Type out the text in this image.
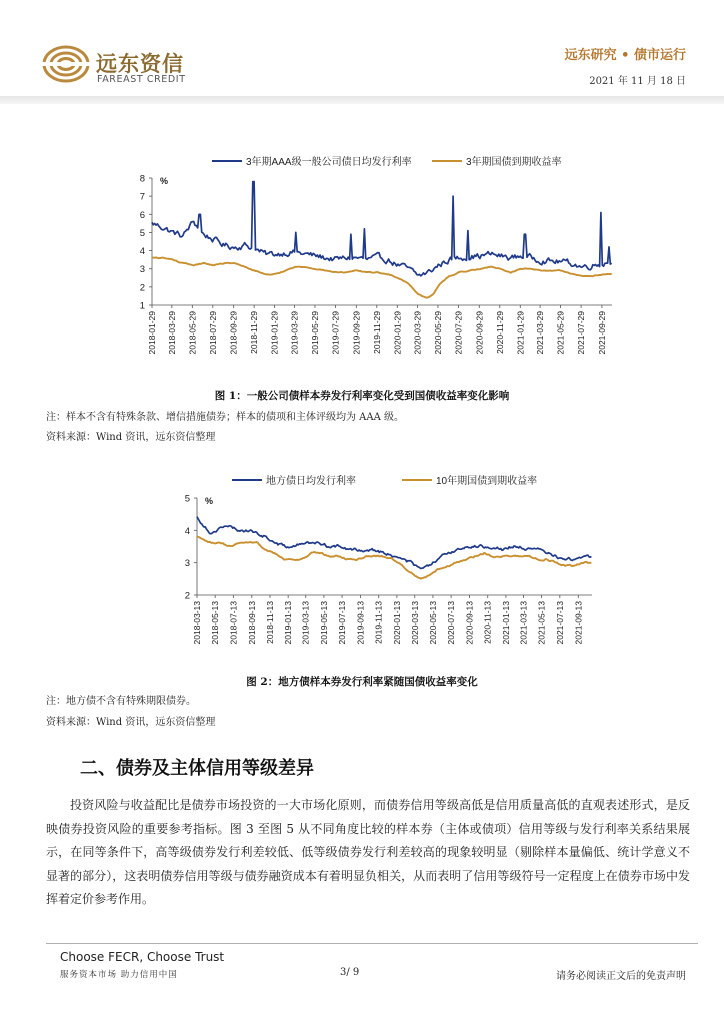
远东资信
FAREAST CREDIT
远东研究 • 债市运行
2021 年 11 月 18 日
3年期AAA级一般公司债日均发行利率	3年期国债到期收益率
%
1
2
3
4
5
6
7
8
2018-01-29 2018-03-29 2018-05-29 2018-07-29 2018-09-29 2018-11-29 2019-01-29 2019-03-29 2019-05-29 2019-07-29 2019-09-29 2019-11-29 2020-01-29 2020-03-29 2020-05-29 2020-07-29 2020-09-29 2020-11-29 2021-01-29 2021-03-29 2021-05-29 2021-07-29 2021-09-29
图 1：一般公司债样本券发行利率变化受到国债收益率变化影响
注：样本不含有特殊条款、增信措施债券；样本的债项和主体评级均为 AAA 级。
资料来源：Wind 资讯，远东资信整理
地方债日均发行利率	10年期国债到期收益率
%
2
3
4
5
2018-03-13 2018-05-13 2018-07-13 2018-09-13 2018-11-13 2019-01-13 2019-03-13 2019-05-13 2019-07-13 2019-09-13 2019-11-13 2020-01-13 2020-03-13 2020-05-13 2020-07-13 2020-09-13 2020-11-13 2021-01-13 2021-03-13 2021-05-13 2021-07-13 2021-09-13
图 2：地方债样本券发行利率紧随国债收益率变化
注：地方债不含有特殊期限债券。
资料来源：Wind 资讯，远东资信整理
二、债券及主体信用等级差异
投资风险与收益配比是债券市场投资的一大市场化原则，而债券信用等级高低是信用质量高低的直观表述形式，是反映债券投资风险的重要参考指标。图 3 至图 5 从不同角度比较的样本券（主体或债项）信用等级与发行利率关系结果展示，在同等条件下，高等级债券发行利差较低、低等级债券发行利差较高的现象较明显（剔除样本量偏低、统计学意义不显著的部分），这表明债券信用等级与债券融资成本有着明显负相关，从而表明了信用等级符号一定程度上在债券市场中发挥着定价参考作用。
Choose FECR, Choose Trust
服务资本市场 助力信用中国	3/ 9	请务必阅读正文后的免责声明
